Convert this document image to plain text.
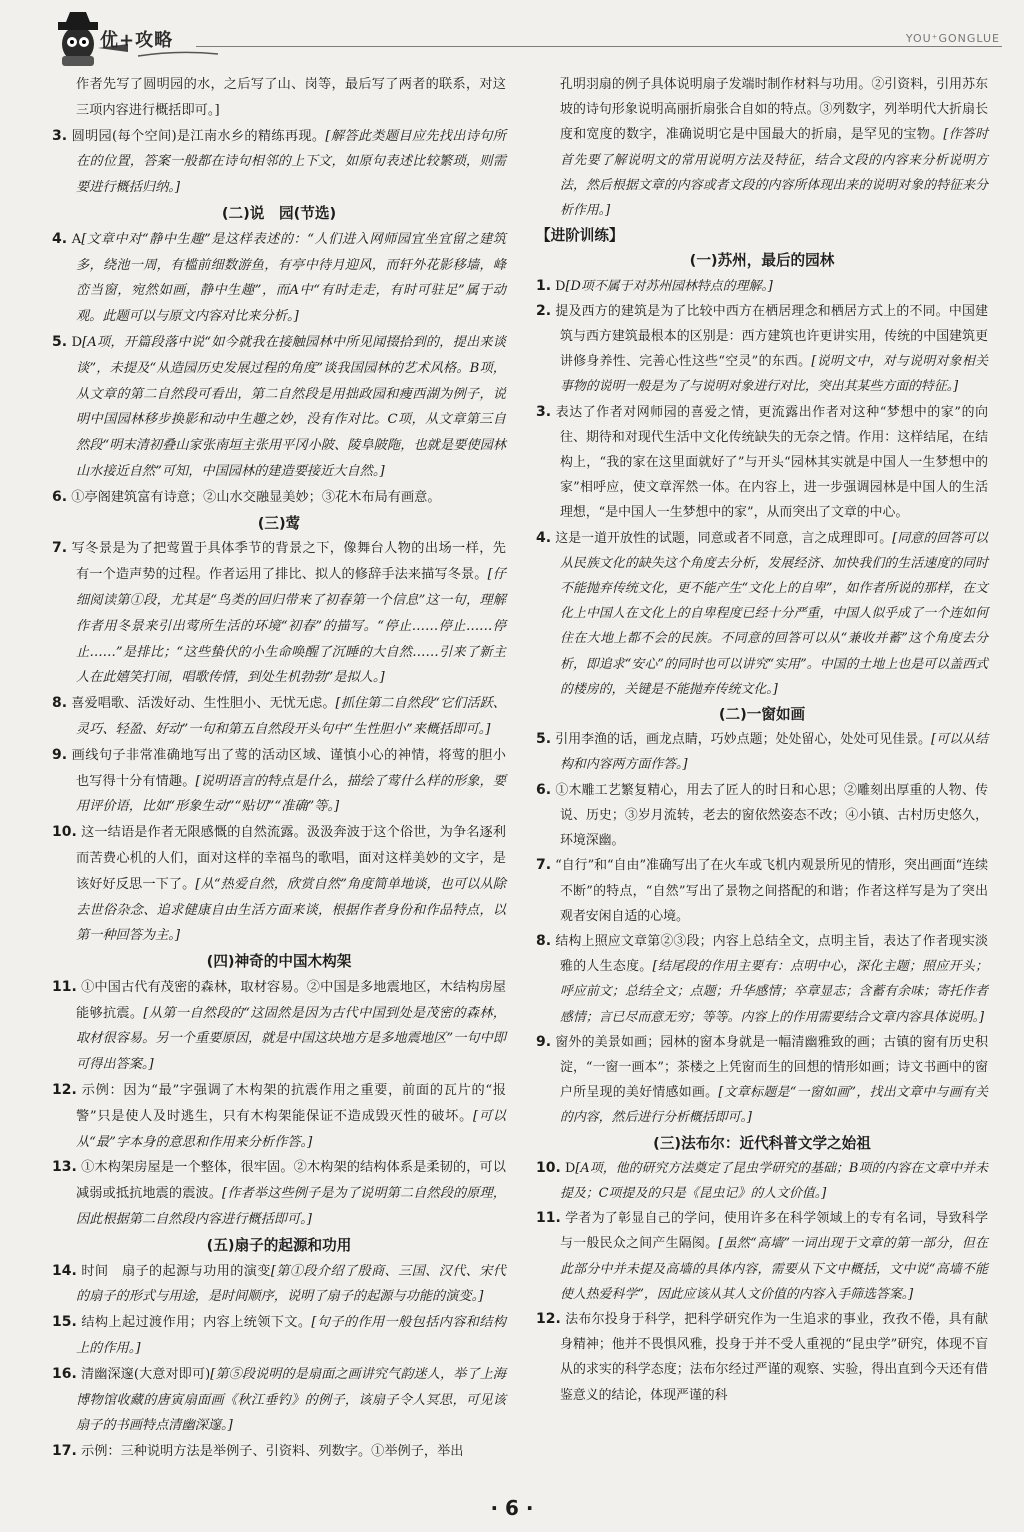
优+攻略	YOU⁺GONGLUE

作者先写了圆明园的水，之后写了山、岗等，最后写了两者的联系，对这三项内容进行概括即可。]

3. 圆明园(每个空间)是江南水乡的精练再现。[解答此类题目应先找出诗句所在的位置，答案一般都在诗句相邻的上下文，如原句表述比较繁琐，则需要进行概括归纳。]

(二)说　园(节选)

4. A[文章中对“静中生趣”是这样表述的：“人们进入网师园宜坐宜留之建筑多，绕池一周，有槛前细数游鱼，有亭中待月迎风，而轩外花影移墙，峰峦当窗，宛然如画，静中生趣”，而A中“有时走走，有时可驻足”属于动观。此题可以与原文内容对比来分析。]

5. D[A项，开篇段落中说“如今就我在接触园林中所见闻掇拾到的，提出来谈谈”，未提及“从造园历史发展过程的角度”谈我国园林的艺术风格。B项，从文章的第二自然段可看出，第二自然段是用拙政园和瘦西湖为例子，说明中国园林移步换影和动中生趣之妙，没有作对比。C项，从文章第三自然段“明末清初叠山家张南垣主张用平冈小陂、陵阜陂陁，也就是要使园林山水接近自然”可知，中国园林的建造要接近大自然。]

6. ①亭阁建筑富有诗意；②山水交融显美妙；③花木布局有画意。

(三)莺

7. 写冬景是为了把莺置于具体季节的背景之下，像舞台人物的出场一样，先有一个造声势的过程。作者运用了排比、拟人的修辞手法来描写冬景。[仔细阅读第①段，尤其是“鸟类的回归带来了初春第一个信息”这一句，理解作者用冬景来引出莺所生活的环境“初春”的描写。“停止……停止……停止……”是排比；“这些蛰伏的小生命唤醒了沉睡的大自然……引来了新主人在此嬉笑打闹，唱歌传情，到处生机勃勃”是拟人。]

8. 喜爱唱歌、活泼好动、生性胆小、无忧无虑。[抓住第二自然段“它们活跃、灵巧、轻盈、好动”一句和第五自然段开头句中“生性胆小”来概括即可。]

9. 画线句子非常准确地写出了莺的活动区域、谨慎小心的神情，将莺的胆小也写得十分有情趣。[说明语言的特点是什么，描绘了莺什么样的形象，要用评价语，比如“形象生动”“贴切”“准确”等。]

10. 这一结语是作者无限感慨的自然流露。汲汲奔波于这个俗世，为争名逐利而苦费心机的人们，面对这样的幸福鸟的歌唱，面对这样美妙的文字，是该好好反思一下了。[从“热爱自然，欣赏自然”角度简单地谈，也可以从除去世俗杂念、追求健康自由生活方面来谈，根据作者身份和作品特点，以第一种回答为主。]

(四)神奇的中国木构架

11. ①中国古代有茂密的森林，取材容易。②中国是多地震地区，木结构房屋能够抗震。[从第一自然段的“这固然是因为古代中国到处是茂密的森林，取材很容易。另一个重要原因，就是中国这块地方是多地震地区”一句中即可得出答案。]

12. 示例：因为“最”字强调了木构架的抗震作用之重要，前面的瓦片的“报警”只是使人及时逃生，只有木构架能保证不造成毁灭性的破坏。[可以从“最”字本身的意思和作用来分析作答。]

13. ①木构架房屋是一个整体，很牢固。②木构架的结构体系是柔韧的，可以减弱或抵抗地震的震波。[作者举这些例子是为了说明第二自然段的原理，因此根据第二自然段内容进行概括即可。]

(五)扇子的起源和功用

14. 时间　扇子的起源与功用的演变[第①段介绍了殷商、三国、汉代、宋代的扇子的形式与用途，是时间顺序，说明了扇子的起源与功能的演变。]

15. 结构上起过渡作用；内容上统领下文。[句子的作用一般包括内容和结构上的作用。]

16. 清幽深邃(大意对即可)[第⑤段说明的是扇面之画讲究气韵迷人，举了上海博物馆收藏的唐寅扇面画《秋江垂钓》的例子，该扇子令人冥思，可见该扇子的书画特点清幽深邃。]

17. 示例：三种说明方法是举例子、引资料、列数字。①举例子，举出

孔明羽扇的例子具体说明扇子发端时制作材料与功用。②引资料，引用苏东坡的诗句形象说明高丽折扇张合自如的特点。③列数字，列举明代大折扇长度和宽度的数字，准确说明它是中国最大的折扇，是罕见的宝物。[作答时首先要了解说明文的常用说明方法及特征，结合文段的内容来分析说明方法，然后根据文章的内容或者文段的内容所体现出来的说明对象的特征来分析作用。]

【进阶训练】

(一)苏州，最后的园林

1. D[D项不属于对苏州园林特点的理解。]

2. 提及西方的建筑是为了比较中西方在栖居理念和栖居方式上的不同。中国建筑与西方建筑最根本的区别是：西方建筑也许更讲实用，传统的中国建筑更讲修身养性、完善心性这些“空灵”的东西。[说明文中，对与说明对象相关事物的说明一般是为了与说明对象进行对比，突出其某些方面的特征。]

3. 表达了作者对网师园的喜爱之情，更流露出作者对这种“梦想中的家”的向往、期待和对现代生活中文化传统缺失的无奈之情。作用：这样结尾，在结构上，“我的家在这里面就好了”与开头“园林其实就是中国人一生梦想中的家”相呼应，使文章浑然一体。在内容上，进一步强调园林是中国人的生活理想，“是中国人一生梦想中的家”，从而突出了文章的中心。

4. 这是一道开放性的试题，同意或者不同意，言之成理即可。[同意的回答可以从民族文化的缺失这个角度去分析，发展经济、加快我们的生活速度的同时不能抛弃传统文化，更不能产生“文化上的自卑”，如作者所说的那样，在文化上中国人在文化上的自卑程度已经十分严重，中国人似乎成了一个连如何住在大地上都不会的民族。不同意的回答可以从“兼收并蓄”这个角度去分析，即追求“安心”的同时也可以讲究“实用”。中国的土地上也是可以盖西式的楼房的，关键是不能抛弃传统文化。]

(二)一窗如画

5. 引用李渔的话，画龙点睛，巧妙点题；处处留心，处处可见佳景。[可以从结构和内容两方面作答。]

6. ①木雕工艺繁复精心，用去了匠人的时日和心思；②雕刻出厚重的人物、传说、历史；③岁月流转，老去的窗依然姿态不改；④小镇、古村历史悠久，环境深幽。

7. “自行”和“自由”准确写出了在火车或飞机内观景所见的情形，突出画面“连续不断”的特点，“自然”写出了景物之间搭配的和谐；作者这样写是为了突出观者安闲自适的心境。

8. 结构上照应文章第②③段；内容上总结全文，点明主旨，表达了作者现实淡雅的人生态度。[结尾段的作用主要有：点明中心，深化主题；照应开头；呼应前文；总结全文；点题；升华感情；卒章显志；含蓄有余味；寄托作者感情；言已尽而意无穷；等等。内容上的作用需要结合文章内容具体说明。]

9. 窗外的美景如画；园林的窗本身就是一幅清幽雅致的画；古镇的窗有历史积淀，“一窗一画本”；茶楼之上凭窗而生的回想的情形如画；诗文书画中的窗户所呈现的美好情感如画。[文章标题是“一窗如画”，找出文章中与画有关的内容，然后进行分析概括即可。]

(三)法布尔：近代科普文学之始祖

10. D[A项，他的研究方法奠定了昆虫学研究的基础；B项的内容在文章中并未提及；C项提及的只是《昆虫记》的人文价值。]

11. 学者为了彰显自己的学问，使用许多在科学领域上的专有名词，导致科学与一般民众之间产生隔阂。[虽然“高墙”一词出现于文章的第一部分，但在此部分中并未提及高墙的具体内容，需要从下文中概括，文中说“高墙不能使人热爱科学”，因此应该从其人文价值的内容入手筛选答案。]

12. 法布尔投身于科学，把科学研究作为一生追求的事业，孜孜不倦，具有献身精神；他并不畏惧风雅，投身于并不受人重视的“昆虫学”研究，体现不盲从的求实的科学态度；法布尔经过严谨的观察、实验，得出直到今天还有借鉴意义的结论，体现严谨的科

· 6 ·
